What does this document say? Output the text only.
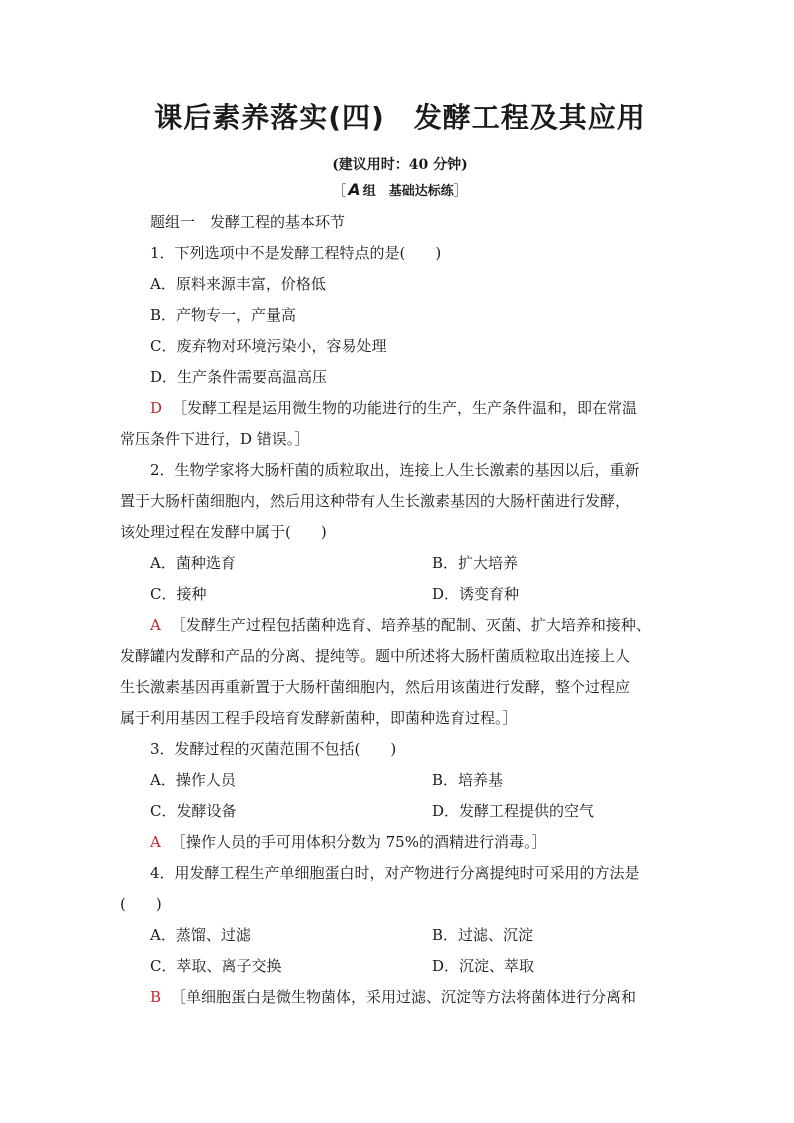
课后素养落实(四)　发酵工程及其应用

(建议用时：40 分钟)

［ A 组　基础达标练］

题组一　发酵工程的基本环节

1．下列选项中不是发酵工程特点的是(　　)

A．原料来源丰富，价格低

B．产物专一，产量高

C．废弃物对环境污染小，容易处理

D．生产条件需要高温高压

D ［发酵工程是运用微生物的功能进行的生产，生产条件温和，即在常温

常压条件下进行，D 错误。］

2．生物学家将大肠杆菌的质粒取出，连接上人生长激素的基因以后，重新

置于大肠杆菌细胞内，然后用这种带有人生长激素基因的大肠杆菌进行发酵，

该处理过程在发酵中属于(　　)

A．菌种选育	B．扩大培养
C．接种	D．诱变育种

A ［发酵生产过程包括菌种选育、培养基的配制、灭菌、扩大培养和接种、

发酵罐内发酵和产品的分离、提纯等。题中所述将大肠杆菌质粒取出连接上人

生长激素基因再重新置于大肠杆菌细胞内，然后用该菌进行发酵，整个过程应

属于利用基因工程手段培育发酵新菌种，即菌种选育过程。］

3．发酵过程的灭菌范围不包括(　　)

A．操作人员	B．培养基
C．发酵设备	D．发酵工程提供的空气

A ［操作人员的手可用体积分数为 75%的酒精进行消毒。］

4．用发酵工程生产单细胞蛋白时，对产物进行分离提纯时可采用的方法是

(　　)

A．蒸馏、过滤	B．过滤、沉淀
C．萃取、离子交换	D．沉淀、萃取

B ［单细胞蛋白是微生物菌体，采用过滤、沉淀等方法将菌体进行分离和
